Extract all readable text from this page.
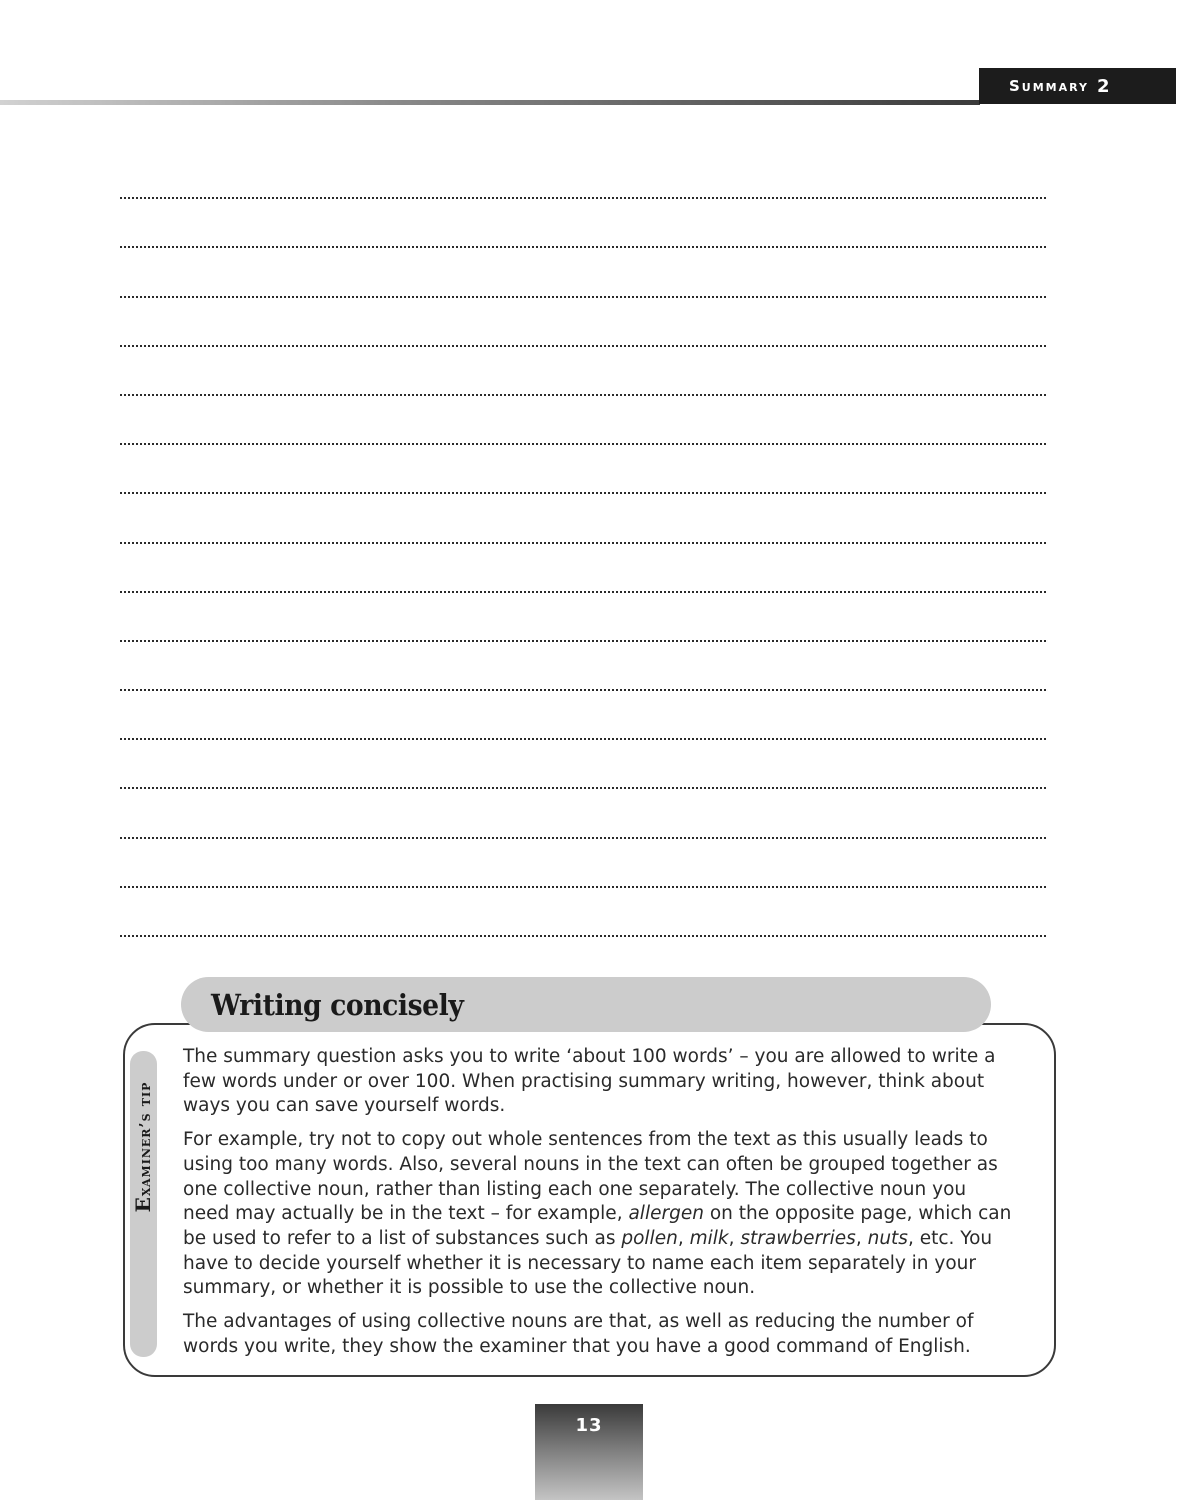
Summary 2
Writing concisely
Examiner’s tip

The summary question asks you to write ‘about 100 words’ – you are allowed to write a few words under or over 100. When practising summary writing, however, think about ways you can save yourself words.

For example, try not to copy out whole sentences from the text as this usually leads to using too many words. Also, several nouns in the text can often be grouped together as one collective noun, rather than listing each one separately. The collective noun you need may actually be in the text – for example, allergen on the opposite page, which can be used to refer to a list of substances such as pollen, milk, strawberries, nuts, etc. You have to decide yourself whether it is necessary to name each item separately in your summary, or whether it is possible to use the collective noun.

The advantages of using collective nouns are that, as well as reducing the number of words you write, they show the examiner that you have a good command of English.

13
